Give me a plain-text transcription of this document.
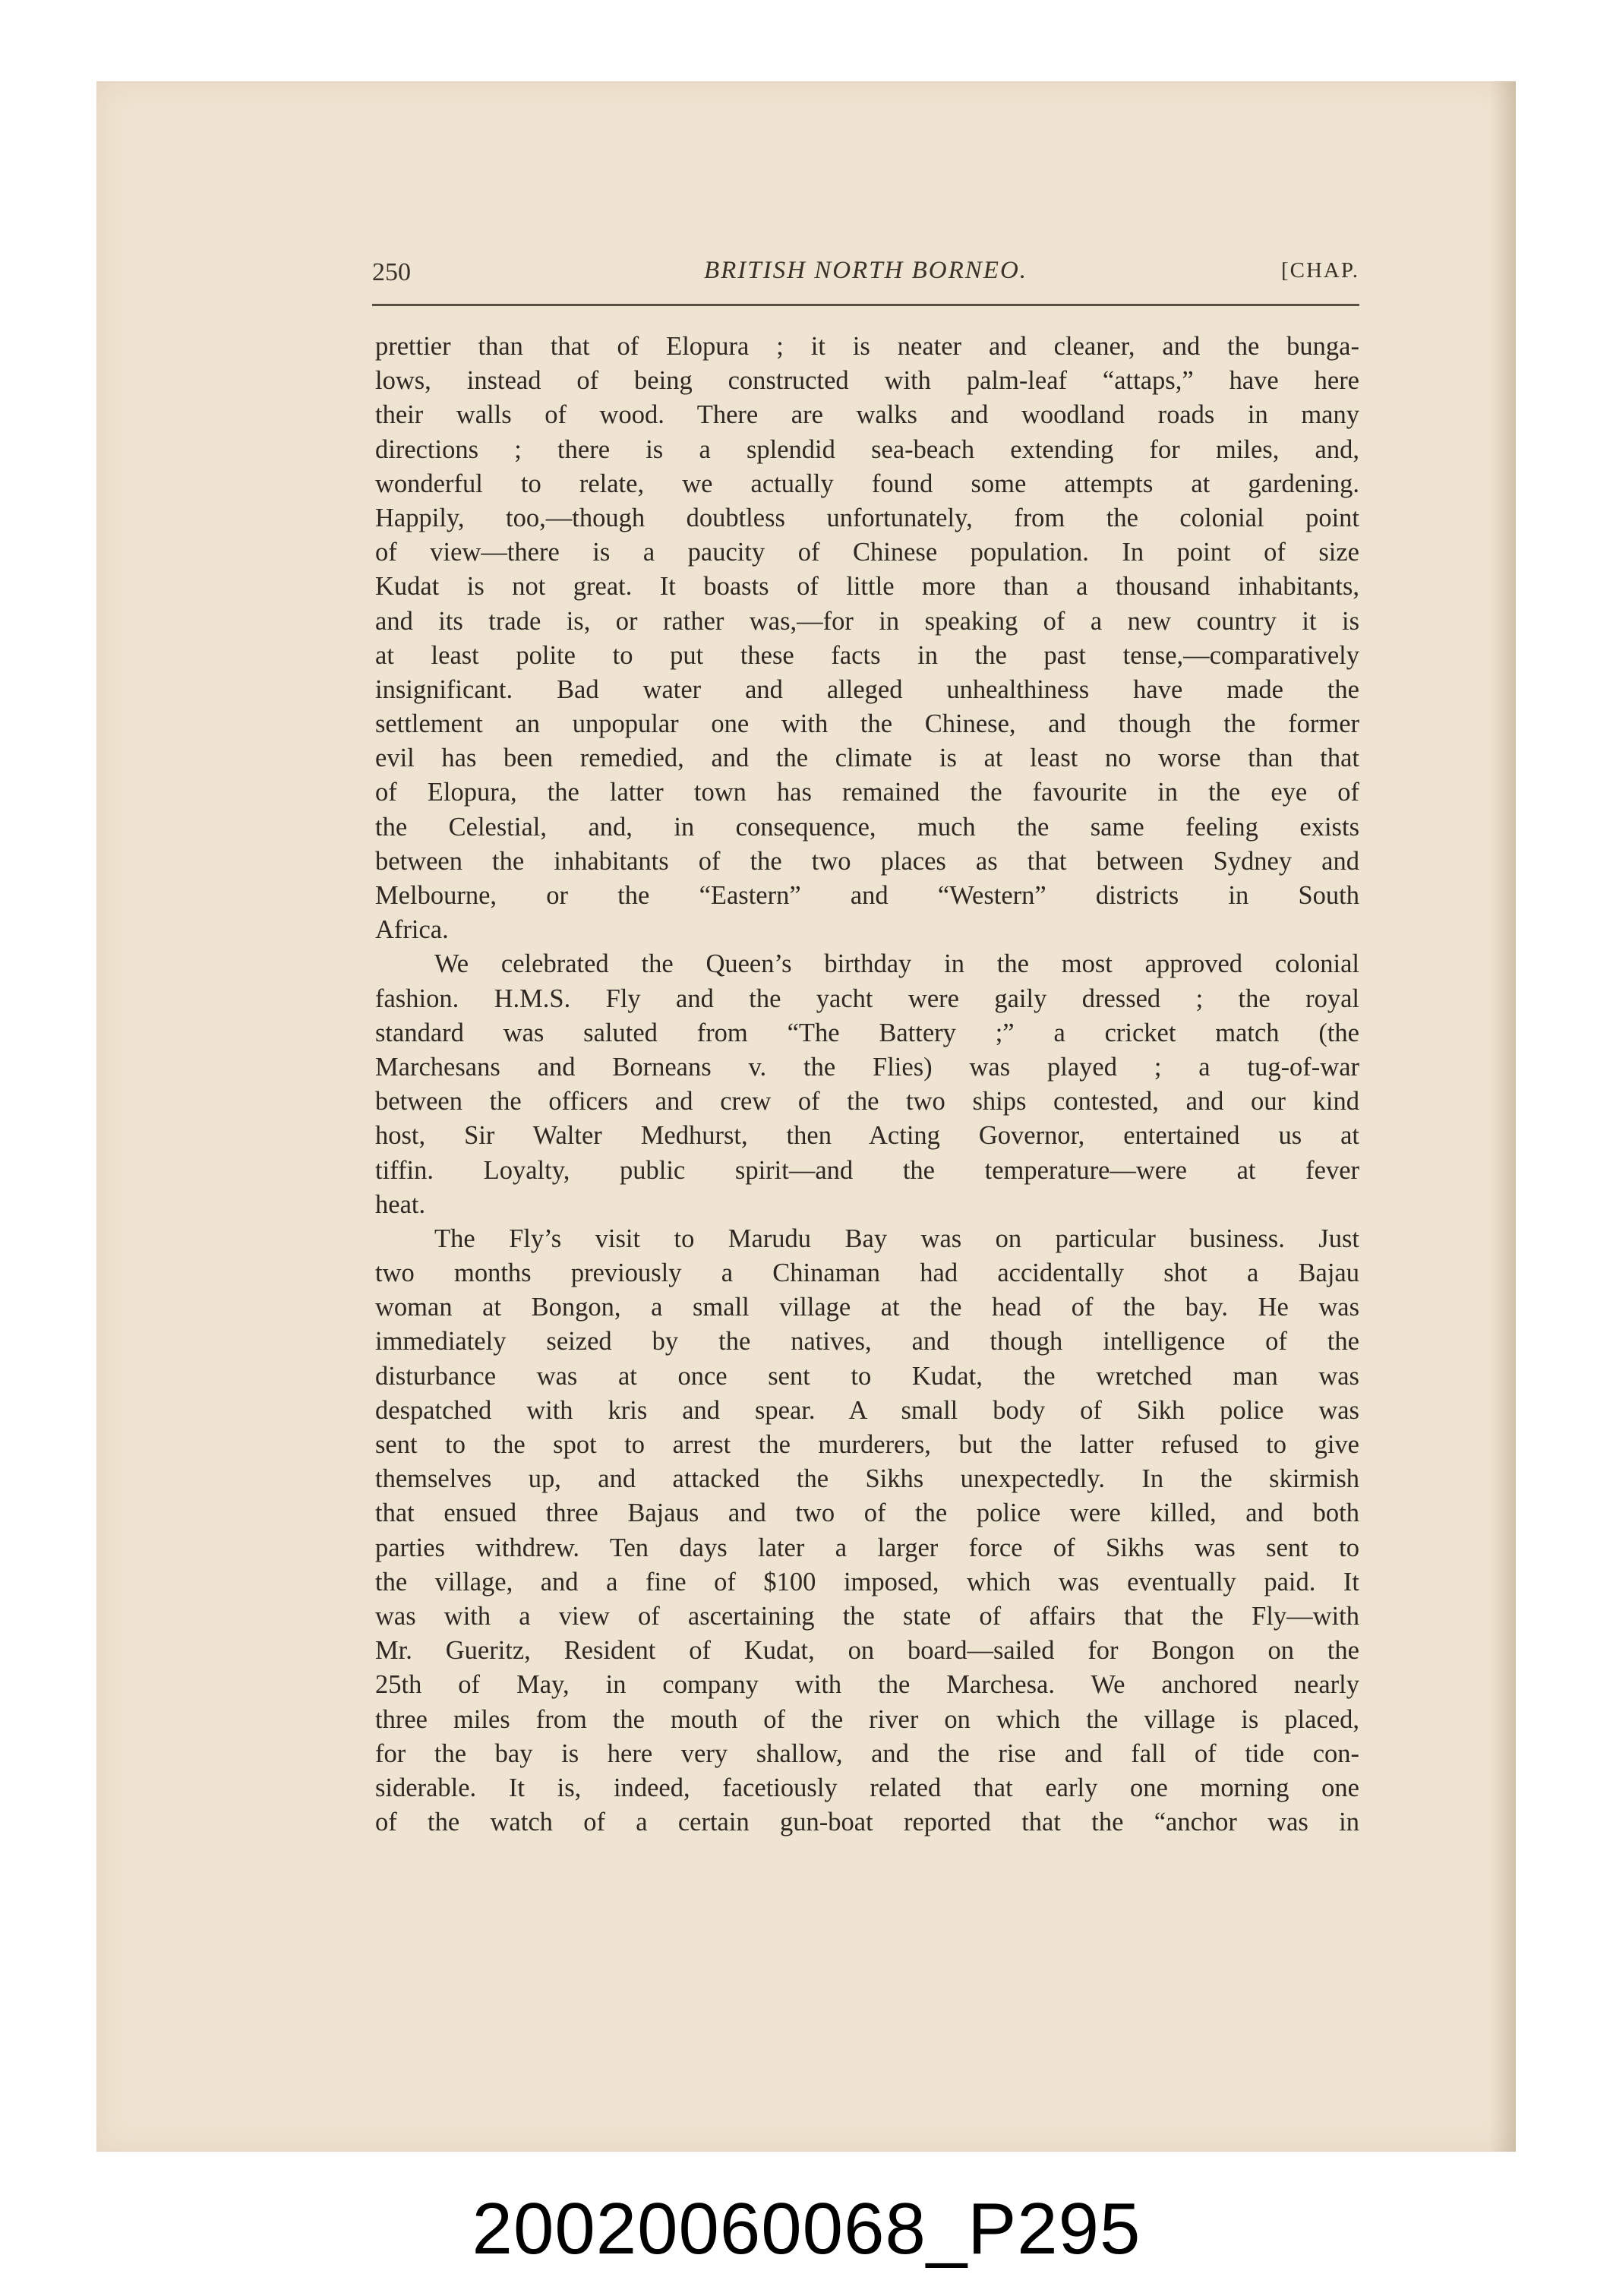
250	BRITISH NORTH BORNEO.	[CHAP.
prettier than that of Elopura ; it is neater and cleaner, and the bunga-
lows, instead of being constructed with palm-leaf “attaps,” have here
their walls of wood. There are walks and woodland roads in many
directions ; there is a splendid sea-beach extending for miles, and,
wonderful to relate, we actually found some attempts at gardening.
Happily, too,—though doubtless unfortunately, from the colonial point
of view—there is a paucity of Chinese population. In point of size
Kudat is not great. It boasts of little more than a thousand inhabitants,
and its trade is, or rather was,—for in speaking of a new country it is
at least polite to put these facts in the past tense,—comparatively
insignificant. Bad water and alleged unhealthiness have made the
settlement an unpopular one with the Chinese, and though the former
evil has been remedied, and the climate is at least no worse than that
of Elopura, the latter town has remained the favourite in the eye of
the Celestial, and, in consequence, much the same feeling exists
between the inhabitants of the two places as that between Sydney and
Melbourne, or the “Eastern” and “Western” districts in South
Africa.
We celebrated the Queen’s birthday in the most approved colonial
fashion. H.M.S. Fly and the yacht were gaily dressed ; the royal
standard was saluted from “The Battery ;” a cricket match (the
Marchesans and Borneans v. the Flies) was played ; a tug-of-war
between the officers and crew of the two ships contested, and our kind
host, Sir Walter Medhurst, then Acting Governor, entertained us at
tiffin. Loyalty, public spirit—and the temperature—were at fever
heat.
The Fly’s visit to Marudu Bay was on particular business. Just
two months previously a Chinaman had accidentally shot a Bajau
woman at Bongon, a small village at the head of the bay. He was
immediately seized by the natives, and though intelligence of the
disturbance was at once sent to Kudat, the wretched man was
despatched with kris and spear. A small body of Sikh police was
sent to the spot to arrest the murderers, but the latter refused to give
themselves up, and attacked the Sikhs unexpectedly. In the skirmish
that ensued three Bajaus and two of the police were killed, and both
parties withdrew. Ten days later a larger force of Sikhs was sent to
the village, and a fine of $100 imposed, which was eventually paid. It
was with a view of ascertaining the state of affairs that the Fly—with
Mr. Gueritz, Resident of Kudat, on board—sailed for Bongon on the
25th of May, in company with the Marchesa. We anchored nearly
three miles from the mouth of the river on which the village is placed,
for the bay is here very shallow, and the rise and fall of tide con-
siderable. It is, indeed, facetiously related that early one morning one
of the watch of a certain gun-boat reported that the “anchor was in
20020060068_P295
